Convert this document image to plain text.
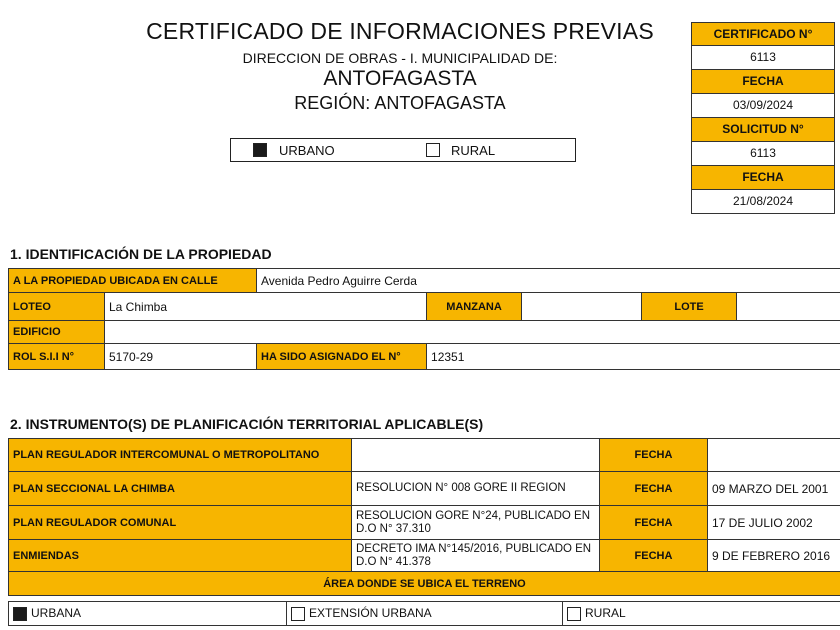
CERTIFICADO DE INFORMACIONES PREVIAS
DIRECCION DE OBRAS - I. MUNICIPALIDAD DE:
ANTOFAGASTA
REGIÓN: ANTOFAGASTA
URBANO	RURAL
CERTIFICADO N°
6113
FECHA
03/09/2024
SOLICITUD N°
6113
FECHA
21/08/2024
1. IDENTIFICACIÓN DE LA PROPIEDAD
A LA PROPIEDAD UBICADA EN CALLE		Avenida Pedro Aguirre Cerda				
LOTEO	La Chimba		MANZANA		LOTE	
EDIFICIO						
ROL S.I.I N°	5170-29	HA SIDO ASIGNADO EL N°	12351			
2. INSTRUMENTO(S) DE PLANIFICACIÓN TERRITORIAL APLICABLE(S)
PLAN REGULADOR INTERCOMUNAL O METROPOLITANO		FECHA	
PLAN SECCIONAL LA CHIMBA	RESOLUCION N° 008 GORE II REGION	FECHA	09 MARZO DEL 2001
PLAN REGULADOR COMUNAL	RESOLUCION GORE N°24, PUBLICADO EN D.O N° 37.310	FECHA	17 DE JULIO 2002
ENMIENDAS	DECRETO IMA N°145/2016, PUBLICADO EN D.O N° 41.378	FECHA	9 DE FEBRERO 2016
ÁREA DONDE SE UBICA EL TERRENO			
URBANA	EXTENSIÓN URBANA	RURAL
